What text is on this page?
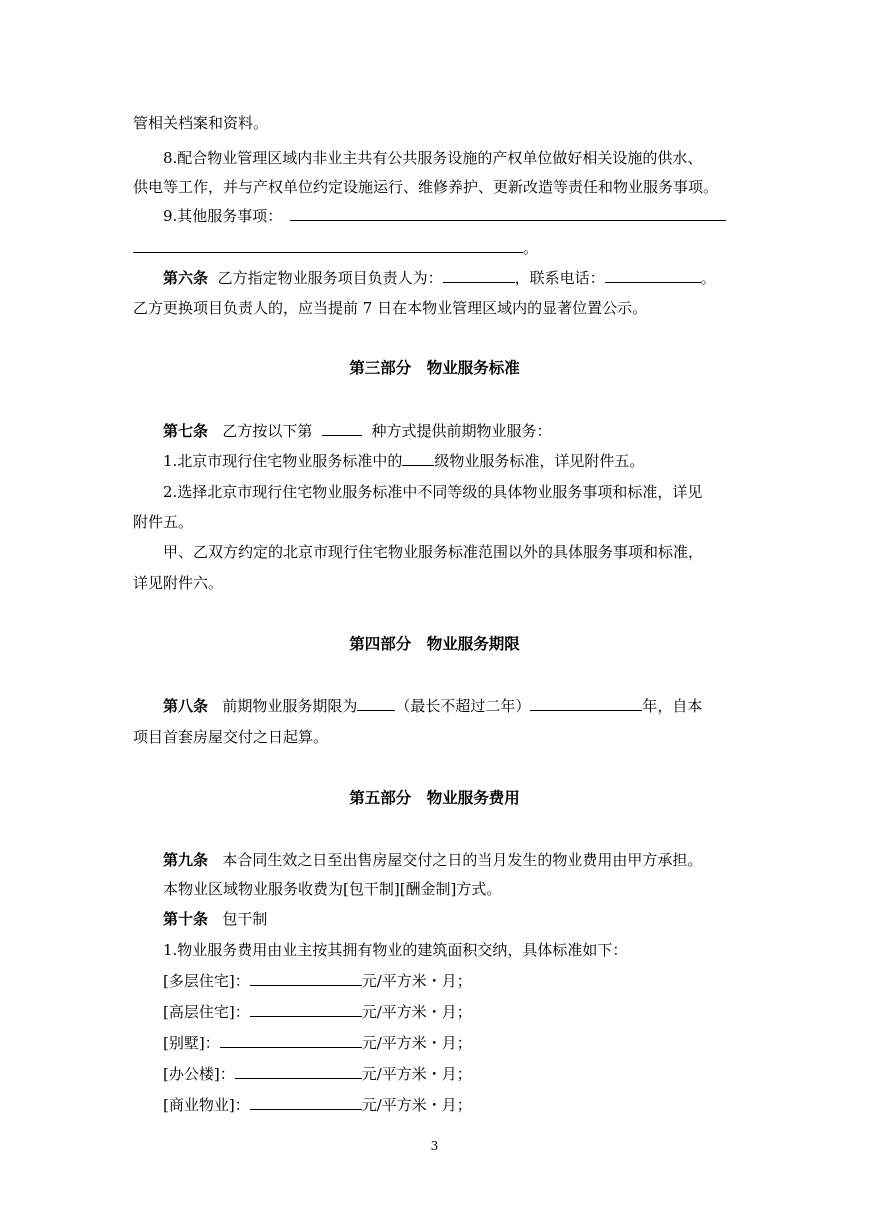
管相关档案和资料。
8.配合物业管理区域内非业主共有公共服务设施的产权单位做好相关设施的供水、
供电等工作，并与产权单位约定设施运行、维修养护、更新改造等责任和物业服务事项。
9.其他服务事项：
。
第六条 乙方指定物业服务项目负责人为：	，联系电话：	。
乙方更换项目负责人的，应当提前 7 日在本物业管理区域内的显著位置公示。
第三部分　物业服务标准
第七条 乙方按以下第	种方式提供前期物业服务：
1.北京市现行住宅物业服务标准中的 级物业服务标准，详见附件五。
2.选择北京市现行住宅物业服务标准中不同等级的具体物业服务事项和标准，详见
附件五。
甲、乙双方约定的北京市现行住宅物业服务标准范围以外的具体服务事项和标准，
详见附件六。
第四部分　物业服务期限
第八条 前期物业服务期限为	（最长不超过二年）	年，自本
项目首套房屋交付之日起算。
第五部分　物业服务费用
第九条 本合同生效之日至出售房屋交付之日的当月发生的物业费用由甲方承担。
本物业区域物业服务收费为[包干制][酬金制]方式。
第十条 包干制
1.物业服务费用由业主按其拥有物业的建筑面积交纳，具体标准如下：
[多层住宅]：	元/平方米・月；
[高层住宅]：	元/平方米・月；
[别墅]：	元/平方米・月；
[办公楼]：	元/平方米・月；
[商业物业]：	元/平方米・月；
3
